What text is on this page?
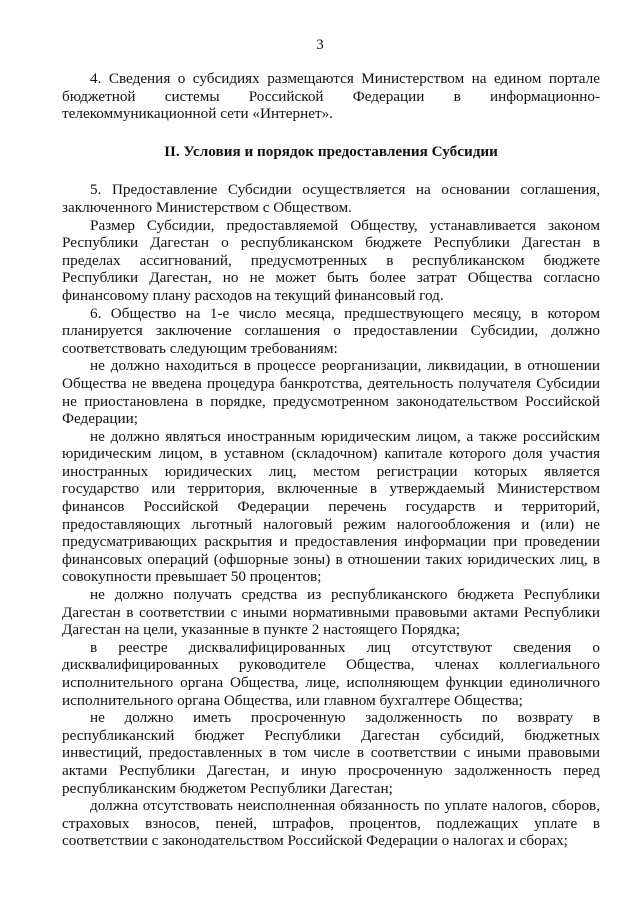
3

4. Сведения о субсидиях размещаются Министерством на едином портале бюджетной системы Российской Федерации в информационно-телекоммуникационной сети «Интернет».

II. Условия и порядок предоставления Субсидии

5. Предоставление Субсидии осуществляется на основании соглашения, заключенного Министерством с Обществом.

Размер Субсидии, предоставляемой Обществу, устанавливается законом Республики Дагестан о республиканском бюджете Республики Дагестан в пределах ассигнований, предусмотренных в республиканском бюджете Республики Дагестан, но не может быть более затрат Общества согласно финансовому плану расходов на текущий финансовый год.

6. Общество на 1-е число месяца, предшествующего месяцу, в котором планируется заключение соглашения о предоставлении Субсидии, должно соответствовать следующим требованиям:

не должно находиться в процессе реорганизации, ликвидации, в отношении Общества не введена процедура банкротства, деятельность получателя Субсидии не приостановлена в порядке, предусмотренном законодательством Российской Федерации;

не должно являться иностранным юридическим лицом, а также российским юридическим лицом, в уставном (складочном) капитале которого доля участия иностранных юридических лиц, местом регистрации которых является государство или территория, включенные в утверждаемый Министерством финансов Российской Федерации перечень государств и территорий, предоставляющих льготный налоговый режим налогообложения и (или) не предусматривающих раскрытия и предоставления информации при проведении финансовых операций (офшорные зоны) в отношении таких юридических лиц, в совокупности превышает 50 процентов;

не должно получать средства из республиканского бюджета Республики Дагестан в соответствии с иными нормативными правовыми актами Республики Дагестан на цели, указанные в пункте 2 настоящего Порядка;

в реестре дисквалифицированных лиц отсутствуют сведения о дисквалифицированных руководителе Общества, членах коллегиального исполнительного органа Общества, лице, исполняющем функции единоличного исполнительного органа Общества, или главном бухгалтере Общества;

не должно иметь просроченную задолженность по возврату в республиканский бюджет Республики Дагестан субсидий, бюджетных инвестиций, предоставленных в том числе в соответствии с иными правовыми актами Республики Дагестан, и иную просроченную задолженность перед республиканским бюджетом Республики Дагестан;

должна отсутствовать неисполненная обязанность по уплате налогов, сборов, страховых взносов, пеней, штрафов, процентов, подлежащих уплате в соответствии с законодательством Российской Федерации о налогах и сборах;
